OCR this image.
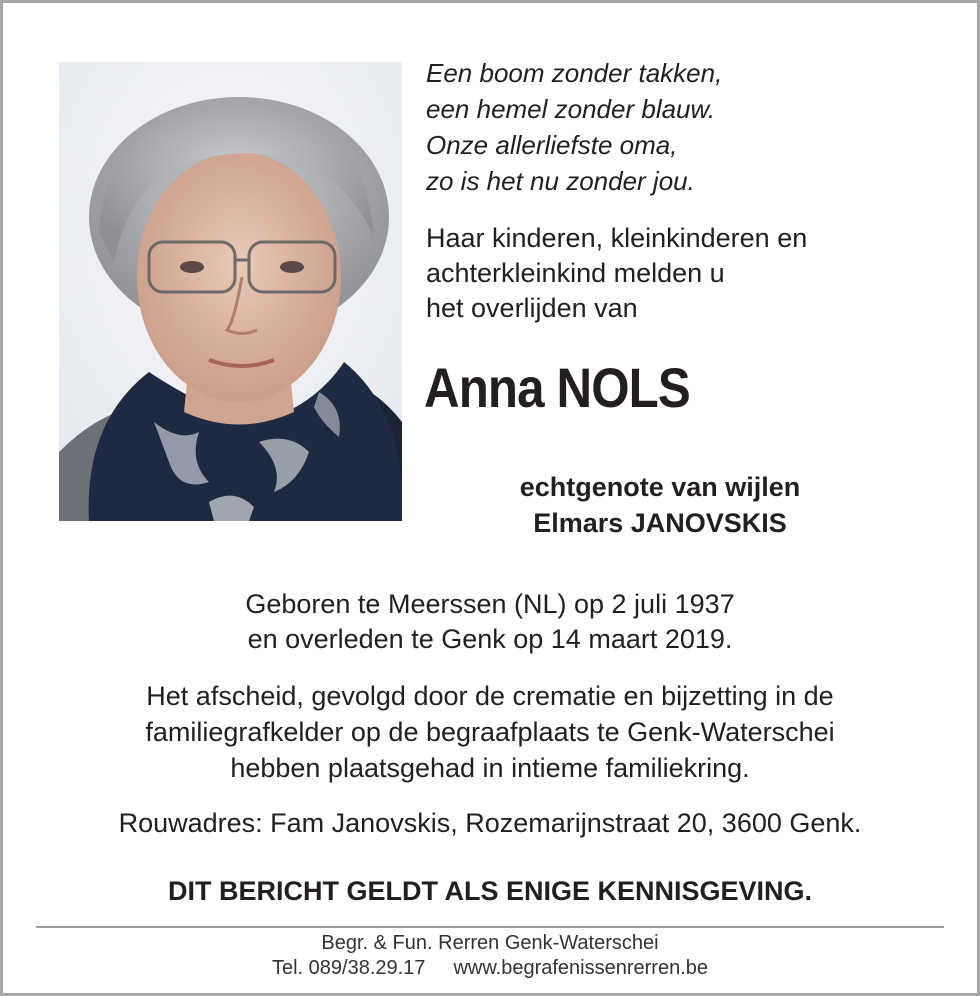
Een boom zonder takken,
een hemel zonder blauw.
Onze allerliefste oma,
zo is het nu zonder jou.
Haar kinderen, kleinkinderen en
achterkleinkind melden u
het overlijden van
Anna NOLS
echtgenote van wijlen
Elmars JANOVSKIS
Geboren te Meerssen (NL) op 2 juli 1937
en overleden te Genk op 14 maart 2019.
Het afscheid, gevolgd door de crematie en bijzetting in de
familiegrafkelder op de begraafplaats te Genk-Waterschei
hebben plaatsgehad in intieme familiekring.
Rouwadres: Fam Janovskis, Rozemarijnstraat 20, 3600 Genk.
DIT BERICHT GELDT ALS ENIGE KENNISGEVING.
Begr. & Fun. Rerren Genk-Waterschei
Tel. 089/38.29.17 www.begrafenissenrerren.be
